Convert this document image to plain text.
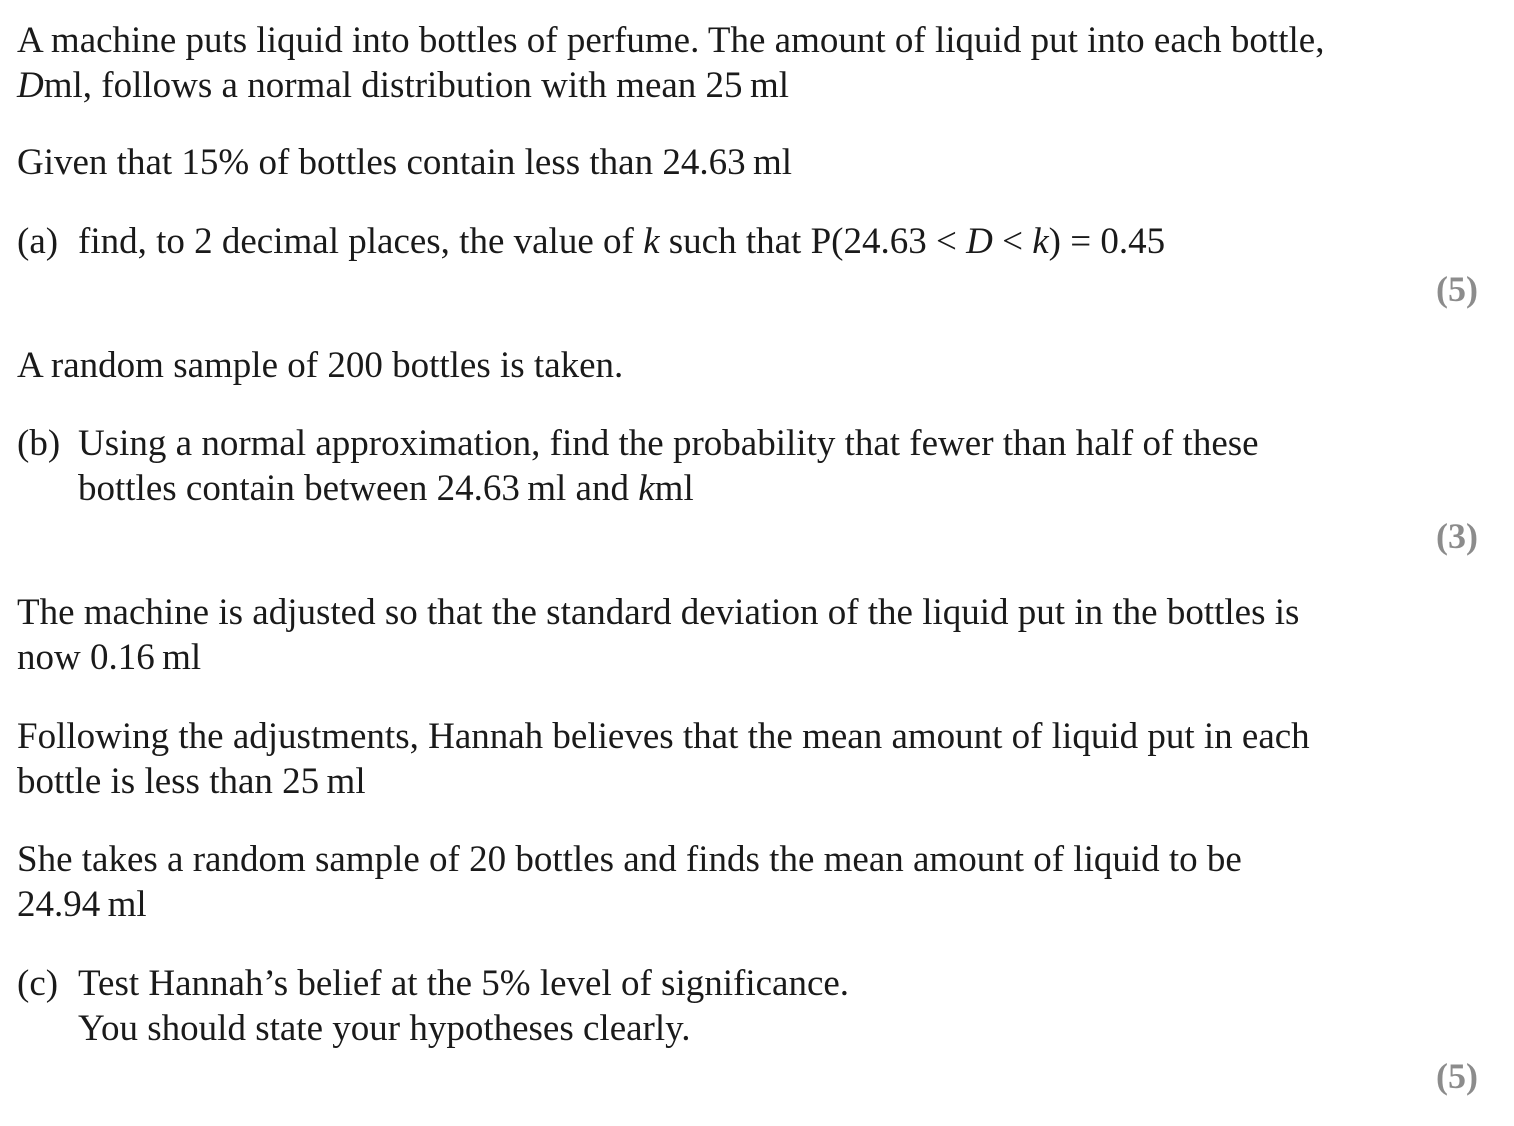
A machine puts liquid into bottles of perfume. The amount of liquid put into each bottle,
Dml, follows a normal distribution with mean 25 ml
Given that 15% of bottles contain less than 24.63 ml
(a) find, to 2 decimal places, the value of k such that P(24.63 < D < k) = 0.45
(5)
A random sample of 200 bottles is taken.
(b) Using a normal approximation, find the probability that fewer than half of these
bottles contain between 24.63 ml and kml
(3)
The machine is adjusted so that the standard deviation of the liquid put in the bottles is
now 0.16 ml
Following the adjustments, Hannah believes that the mean amount of liquid put in each
bottle is less than 25 ml
She takes a random sample of 20 bottles and finds the mean amount of liquid to be
24.94 ml
(c) Test Hannah’s belief at the 5% level of significance.
You should state your hypotheses clearly.
(5)
